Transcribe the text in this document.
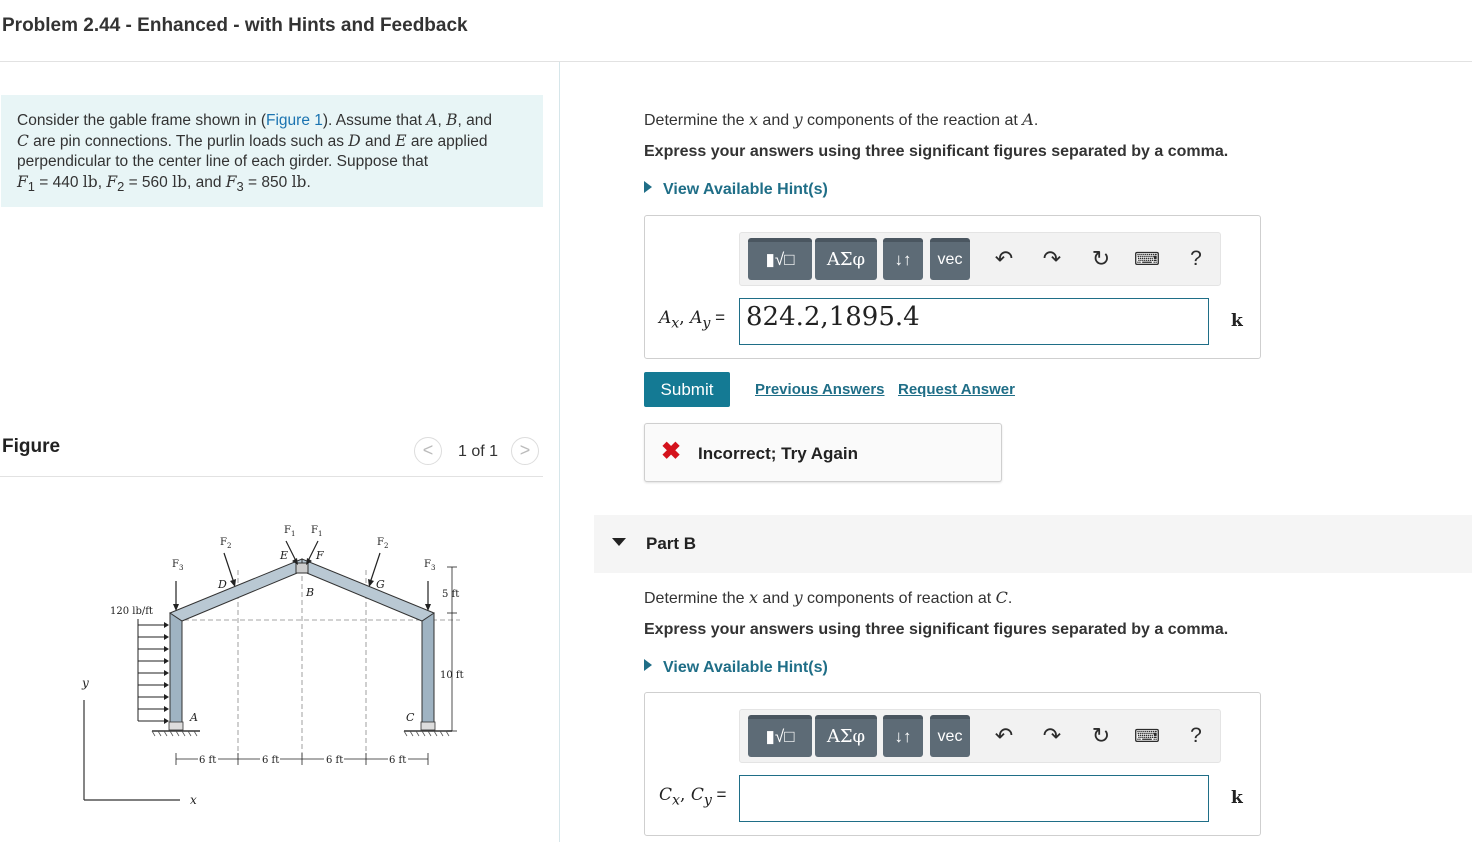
Problem 2.44 - Enhanced - with Hints and Feedback

Consider the gable frame shown in (Figure 1). Assume that A, B, and
C are pin connections. The purlin loads such as D and E are applied perpendicular to the center line of each girder. Suppose that
$F_1 = 440$ lb, $F_2 = 560$ lb, and $F_3 = 850$ lb.

Figure	<	1 of 1	>
y
x
120 lb/ft
F 3
F 2
F 1 F 1
F 2
F 3
E	F
D	G
B
A	C
5 ft
10 ft
6 ft	6 ft	6 ft	6 ft
Determine the x and y components of the reaction at A.
Express your answers using three significant figures separated by a comma.
View Available Hint(s)
▮√□	ΑΣφ	↓↑	vec	↶ ↷ ↻ ⌨	?
$A_x$, $A_y = 824.2,1895.4$	k
Submit	Previous Answers Request Answer
✖ Incorrect; Try Again
Part B
Determine the x and y components of reaction at C.
Express your answers using three significant figures separated by a comma.
View Available Hint(s)
▮√□	ΑΣφ	↓↑	vec	↶ ↷ ↻ ⌨	?
$C_x$, $C_y$ =	k
